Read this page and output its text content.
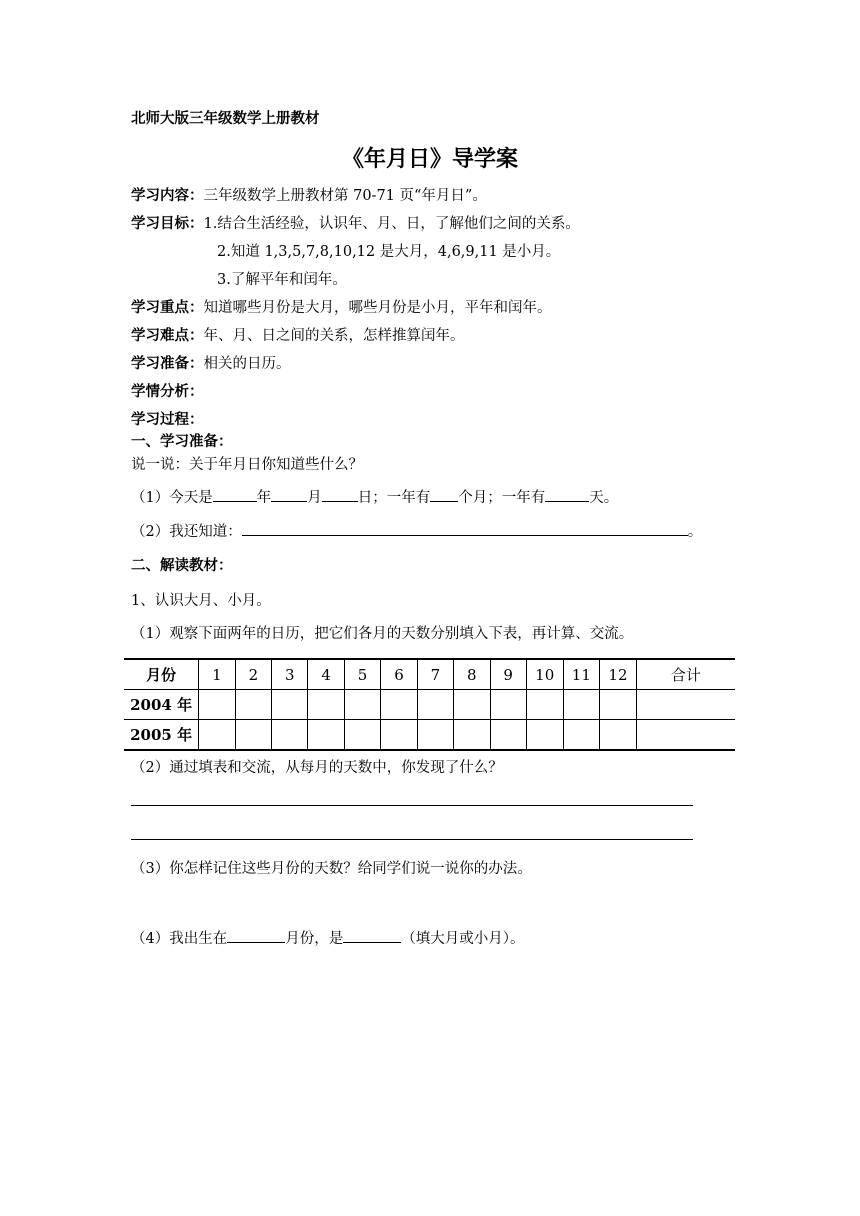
北师大版三年级数学上册教材
《年月日》导学案
学习内容：三年级数学上册教材第 70-71 页“年月日”。
学习目标：1.结合生活经验，认识年、月、日，了解他们之间的关系。
2.知道 1,3,5,7,8,10,12 是大月，4,6,9,11 是小月。
3.了解平年和闰年。
学习重点：知道哪些月份是大月，哪些月份是小月，平年和闰年。
学习难点：年、月、日之间的关系，怎样推算闰年。
学习准备：相关的日历。
学情分析：
学习过程：
一、学习准备：
说一说：关于年月日你知道些什么？
（1）今天是	年 月 日；一年有 个月；一年有	天。
（2）我还知道：	。
二、解读教材：
1、认识大月、小月。
（1）观察下面两年的日历，把它们各月的天数分别填入下表，再计算、交流。
月份	1	2	3	4	5	6	7	8	9	10	11	12	合计
2004 年													
2005 年													
（2）通过填表和交流，从每月的天数中，你发现了什么？
（3）你怎样记住这些月份的天数？给同学们说一说你的办法。
（4）我出生在	月份，是	（填大月或小月）。
